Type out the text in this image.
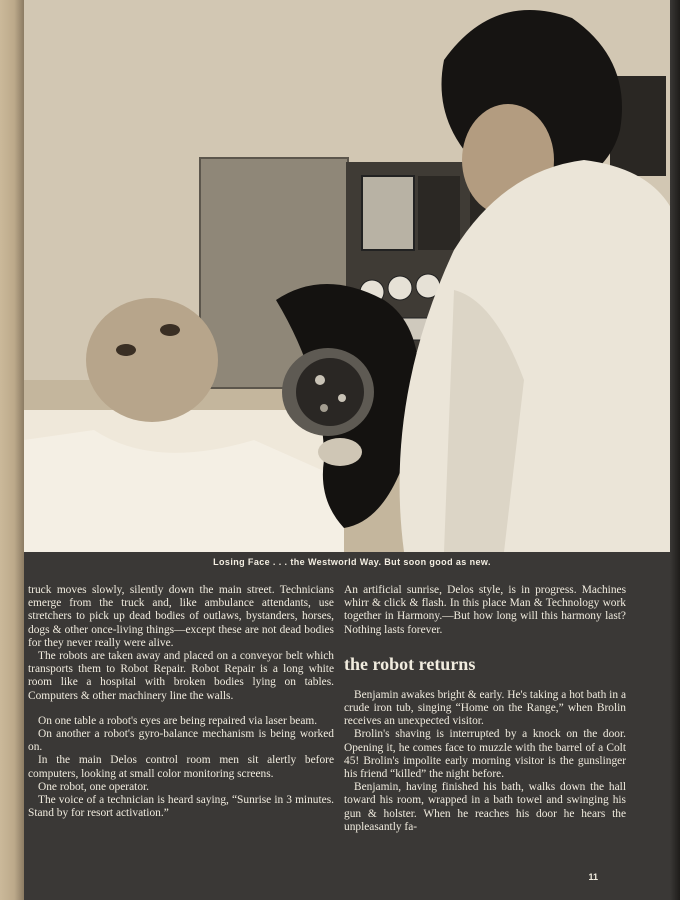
Losing Face . . . the Westworld Way. But soon good as new.

truck moves slowly, silently down the main street. Technicians emerge from the truck and, like ambulance attendants, use stretchers to pick up dead bodies of outlaws, bystanders, horses, dogs & other once-living things—except these are not dead bodies for they never really were alive.

The robots are taken away and placed on a conveyor belt which transports them to Robot Repair. Robot Repair is a long white room like a hospital with broken bodies lying on tables. Computers & other machinery line the walls.

On one table a robot's eyes are being repaired via laser beam.

On another a robot's gyro-balance mechanism is being worked on.

In the main Delos control room men sit alertly before computers, looking at small color monitoring screens.

One robot, one operator.

The voice of a technician is heard saying, “Sunrise in 3 minutes. Stand by for resort activation.”

An artificial sunrise, Delos style, is in progress. Machines whirr & click & flash. In this place Man & Technology work together in Harmony.—But how long will this harmony last? Nothing lasts forever.

the robot returns

Benjamin awakes bright & early. He's taking a hot bath in a crude iron tub, singing “Home on the Range,” when Brolin receives an unexpected visitor.

Brolin's shaving is interrupted by a knock on the door. Opening it, he comes face to muzzle with the barrel of a Colt 45! Brolin's impolite early morning visitor is the gunslinger his friend “killed” the night before.

Benjamin, having finished his bath, walks down the hall toward his room, wrapped in a bath towel and swinging his gun & holster. When he reaches his door he hears the unpleasantly fa-

11
